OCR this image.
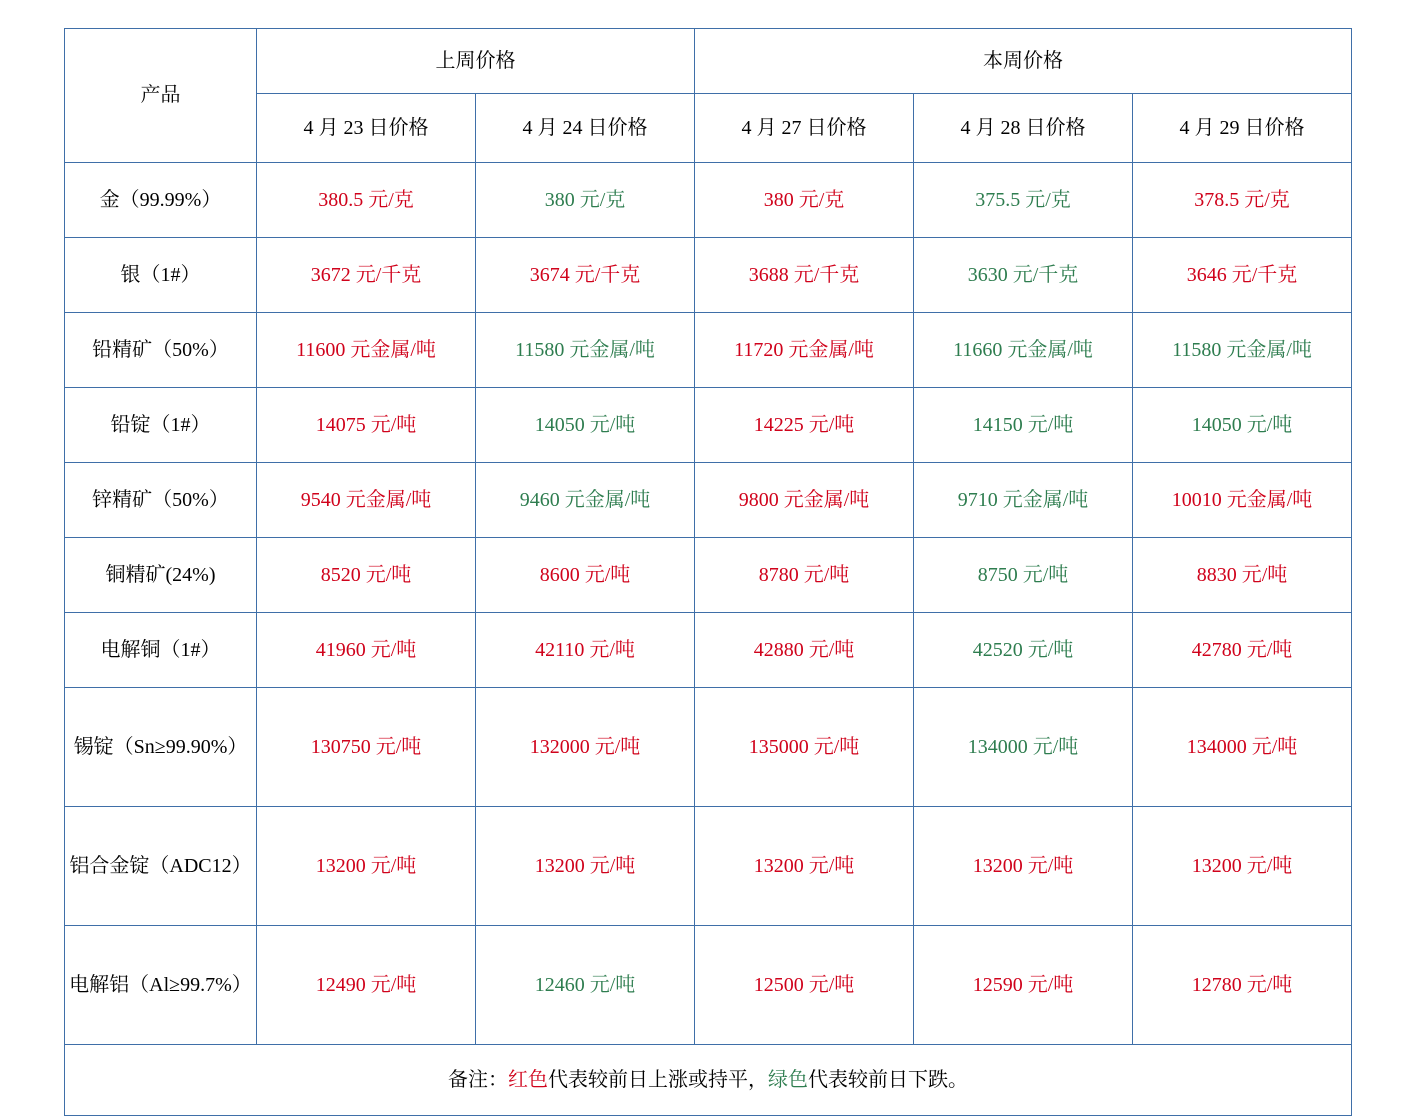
产品	上周价格		本周价格		
	4 月 23 日价格	4 月 24 日价格	4 月 27 日价格	4 月 28 日价格	4 月 29 日价格
金（99.99%）	380.5 元/克	380 元/克	380 元/克	375.5 元/克	378.5 元/克
银（1#）	3672 元/千克	3674 元/千克	3688 元/千克	3630 元/千克	3646 元/千克
铅精矿（50%）	11600 元金属/吨	11580 元金属/吨	11720 元金属/吨	11660 元金属/吨	11580 元金属/吨
铅锭（1#）	14075 元/吨	14050 元/吨	14225 元/吨	14150 元/吨	14050 元/吨
锌精矿（50%）	9540 元金属/吨	9460 元金属/吨	9800 元金属/吨	9710 元金属/吨	10010 元金属/吨
铜精矿(24%)	8520 元/吨	8600 元/吨	8780 元/吨	8750 元/吨	8830 元/吨
电解铜（1#）	41960 元/吨	42110 元/吨	42880 元/吨	42520 元/吨	42780 元/吨
锡锭（Sn≥99.90%）	130750 元/吨	132000 元/吨	135000 元/吨	134000 元/吨	134000 元/吨
铝合金锭（ADC12）	13200 元/吨	13200 元/吨	13200 元/吨	13200 元/吨	13200 元/吨
电解铝（Al≥99.7%）	12490 元/吨	12460 元/吨	12500 元/吨	12590 元/吨	12780 元/吨
备注：红色代表较前日上涨或持平，绿色代表较前日下跌。					
